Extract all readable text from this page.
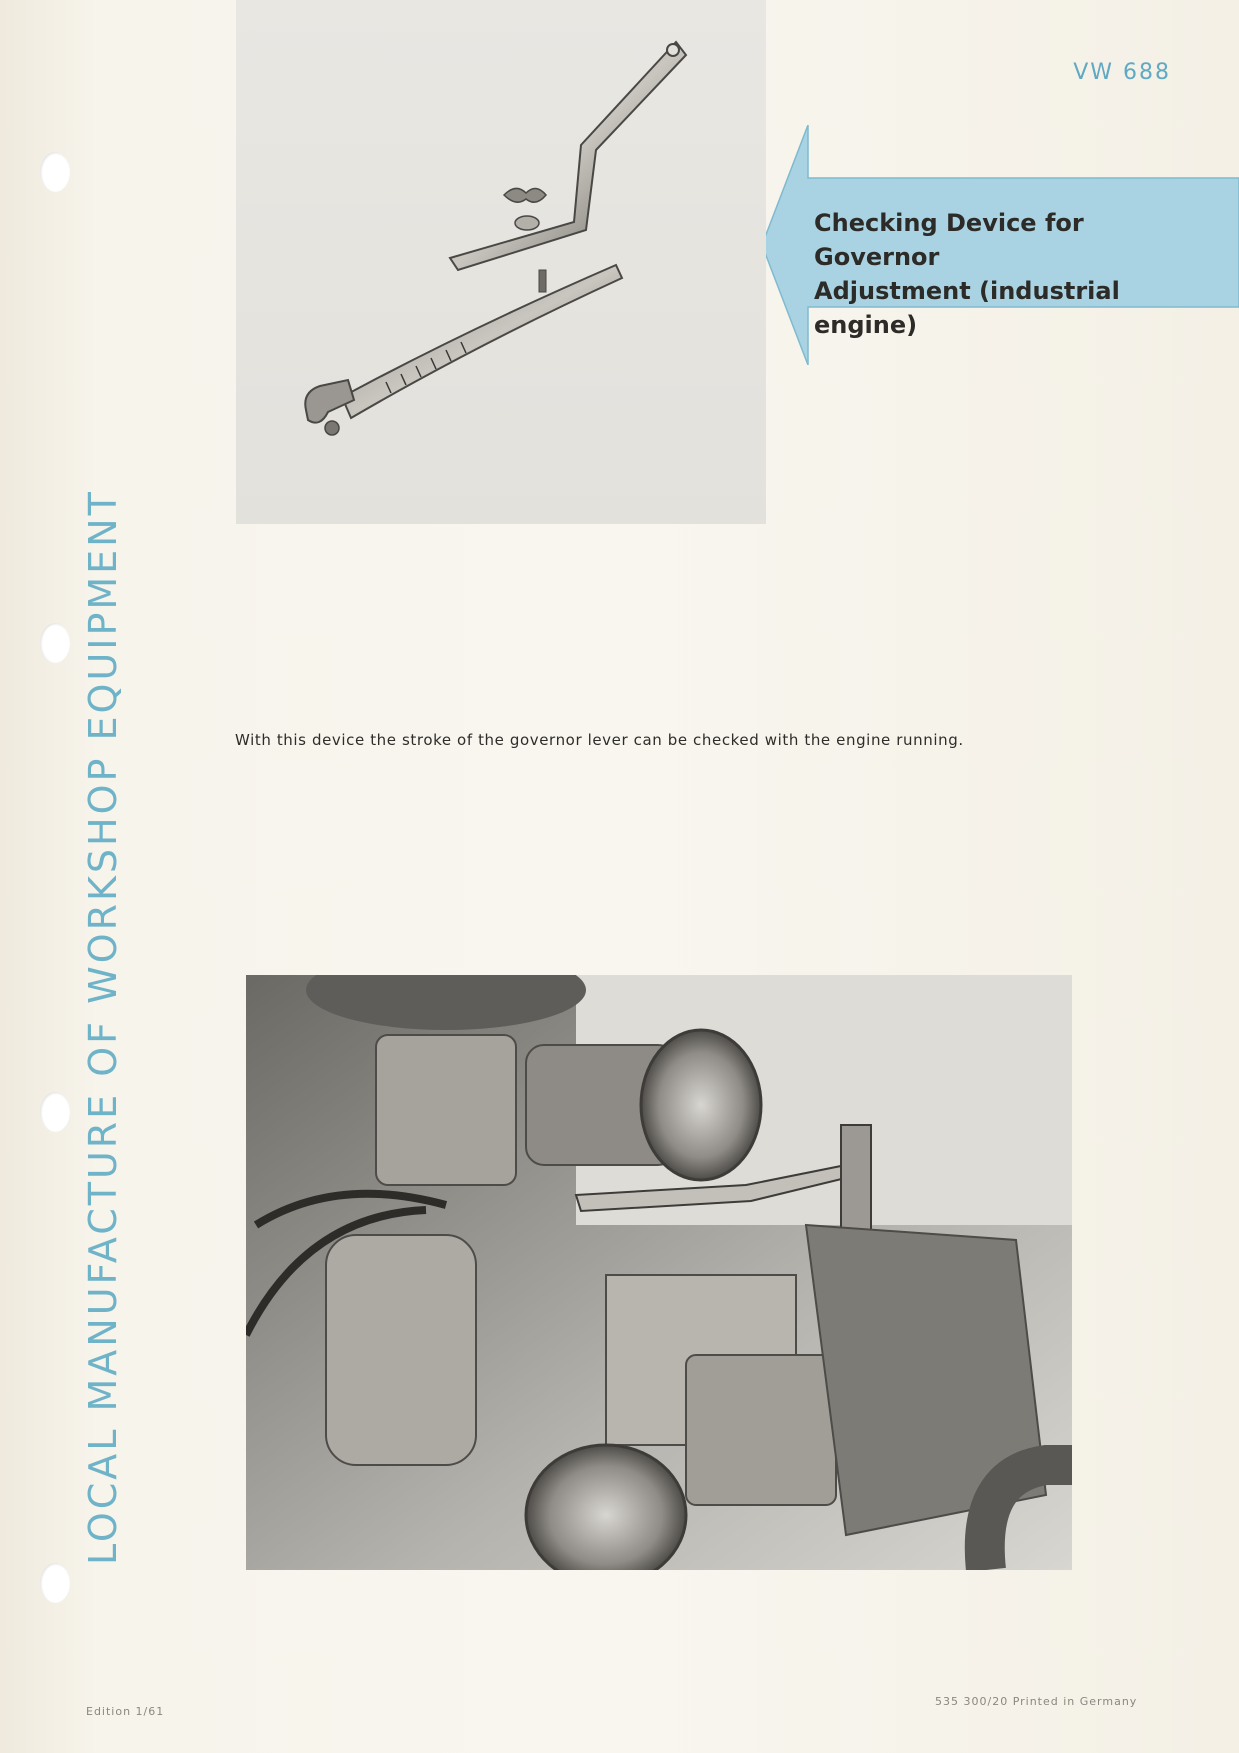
LOCAL MANUFACTURE OF WORKSHOP EQUIPMENT
VW 688
Checking Device for Governor
Adjustment (industrial engine)
With this device the stroke of the governor lever can be checked with the engine running.
Edition 1/61
535 300/20 Printed in Germany
